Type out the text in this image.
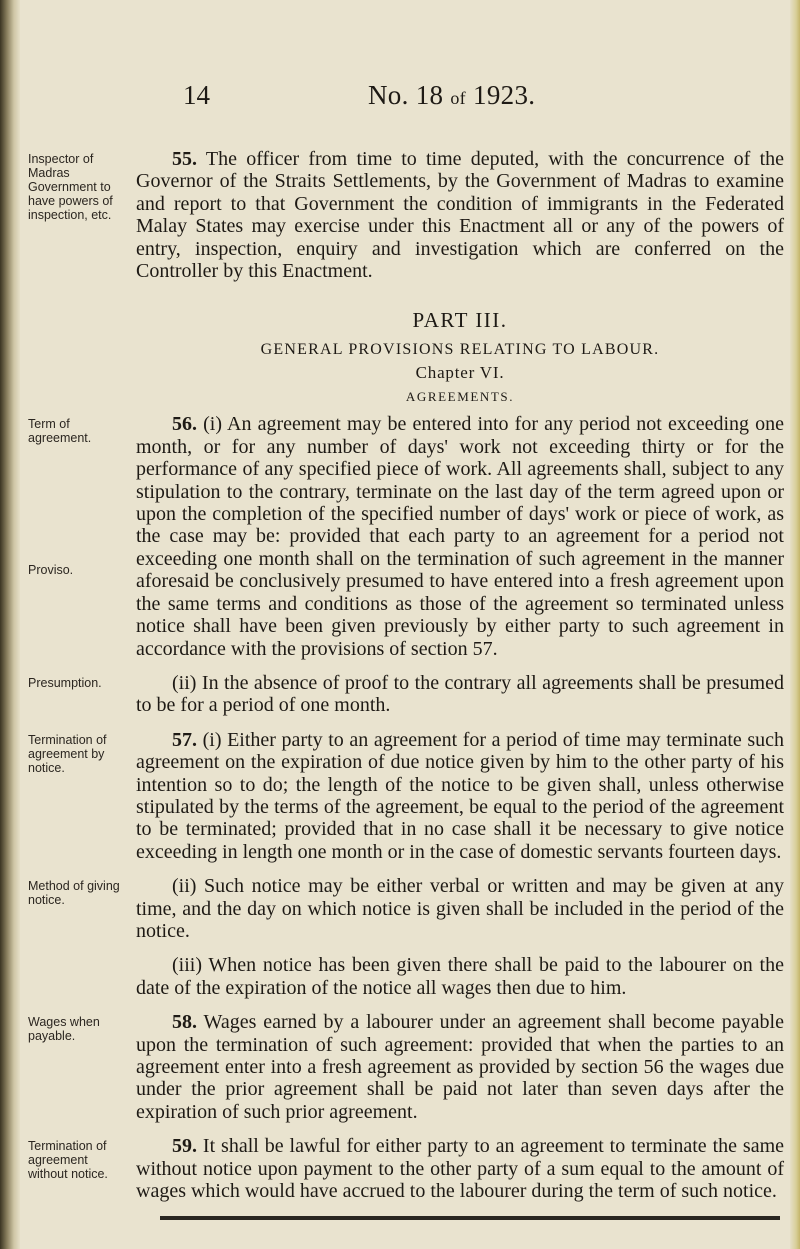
14	No. 18 of 1923.
Inspector of Madras Government to have powers of inspection, etc.
55. The officer from time to time deputed, with the concurrence of the Governor of the Straits Settlements, by the Government of Madras to examine and report to that Government the condition of immigrants in the Federated Malay States may exercise under this Enactment all or any of the powers of entry, inspection, enquiry and investigation which are conferred on the Controller by this Enactment.
PART III.
GENERAL PROVISIONS RELATING TO LABOUR.
Chapter VI.
AGREEMENTS.
Term of agreement.
Proviso.
56. (i) An agreement may be entered into for any period not exceeding one month, or for any number of days' work not exceeding thirty or for the performance of any specified piece of work. All agreements shall, subject to any stipulation to the contrary, terminate on the last day of the term agreed upon or upon the completion of the specified number of days' work or piece of work, as the case may be: provided that each party to an agreement for a period not exceeding one month shall on the termination of such agreement in the manner aforesaid be conclusively presumed to have entered into a fresh agreement upon the same terms and conditions as those of the agreement so terminated unless notice shall have been given previously by either party to such agreement in accordance with the provisions of section 57.
Presumption.	(ii) In the absence of proof to the contrary all agreements shall be presumed to be for a period of one month.
Termination of agreement by notice.
57. (i) Either party to an agreement for a period of time may terminate such agreement on the expiration of due notice given by him to the other party of his intention so to do; the length of the notice to be given shall, unless otherwise stipulated by the terms of the agreement, be equal to the period of the agreement to be terminated; provided that in no case shall it be necessary to give notice exceeding in length one month or in the case of domestic servants fourteen days.
Method of giving notice.
(ii) Such notice may be either verbal or written and may be given at any time, and the day on which notice is given shall be included in the period of the notice.
(iii) When notice has been given there shall be paid to the labourer on the date of the expiration of the notice all wages then due to him.
Wages when payable.
58. Wages earned by a labourer under an agreement shall become payable upon the termination of such agreement: provided that when the parties to an agreement enter into a fresh agreement as provided by section 56 the wages due under the prior agreement shall be paid not later than seven days after the expiration of such prior agreement.
Termination of agreement without notice.
59. It shall be lawful for either party to an agreement to terminate the same without notice upon payment to the other party of a sum equal to the amount of wages which would have accrued to the labourer during the term of such notice.
